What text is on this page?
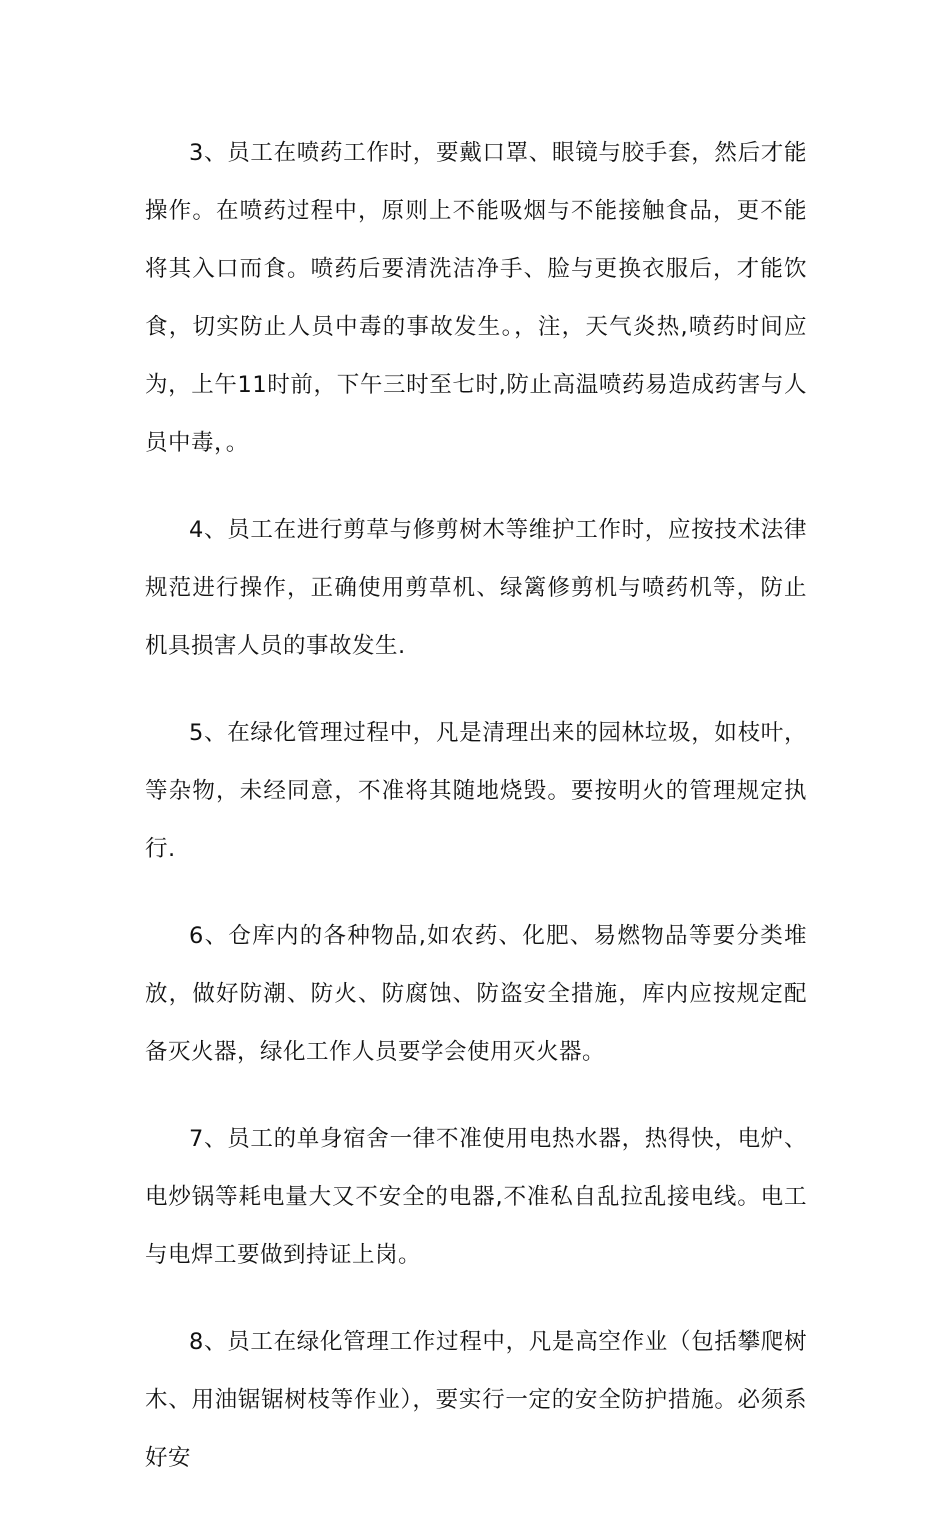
3、员工在喷药工作时，要戴口罩、眼镜与胶手套，然后才能操作。在喷药过程中，原则上不能吸烟与不能接触食品，更不能将其入口而食。喷药后要清洗洁净手、脸与更换衣服后，才能饮食，切实防止人员中毒的事故发生。，注，天气炎热,喷药时间应为，上午11时前，下午三时至七时,防止高温喷药易造成药害与人员中毒，。

4、员工在进行剪草与修剪树木等维护工作时，应按技术法律规范进行操作，正确使用剪草机、绿篱修剪机与喷药机等，防止机具损害人员的事故发生.

5、在绿化管理过程中，凡是清理出来的园林垃圾，如枝叶，等杂物，未经同意，不准将其随地烧毁。要按明火的管理规定执行.

6、仓库内的各种物品,如农药、化肥、易燃物品等要分类堆放，做好防潮、防火、防腐蚀、防盗安全措施，库内应按规定配备灭火器，绿化工作人员要学会使用灭火器。

7、员工的单身宿舍一律不准使用电热水器，热得快，电炉、电炒锅等耗电量大又不安全的电器,不准私自乱拉乱接电线。电工与电焊工要做到持证上岗。

8、员工在绿化管理工作过程中，凡是高空作业（包括攀爬树木、用油锯锯树枝等作业），要实行一定的安全防护措施。必须系好安
